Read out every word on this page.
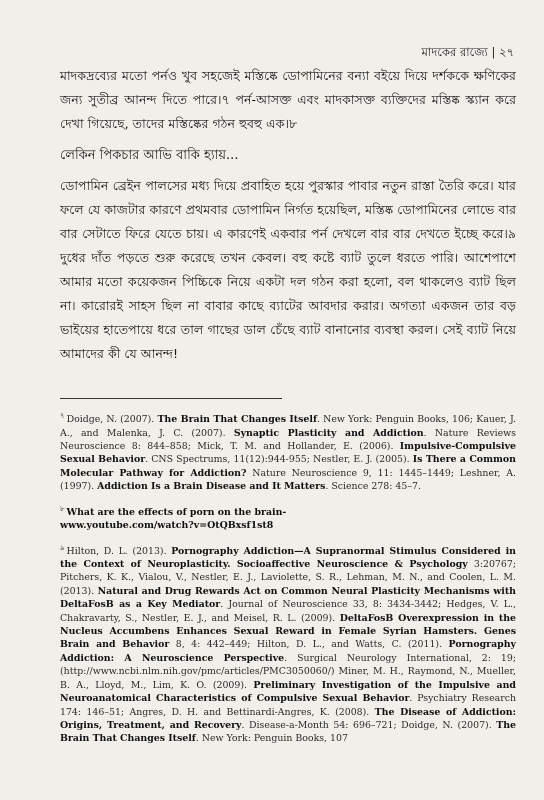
মাদকের রাজ্যে | ২৭

মাদকদ্রব্যের মতো পর্নও খুব সহজেই মস্তিষ্কে ডোপামিনের বন্যা বইয়ে দিয়ে দর্শককে ক্ষণিকের জন্য সুতীব্র আনন্দ দিতে পারে।৭ পর্ন-আসক্ত এবং মাদকাসক্ত ব্যক্তিদের মস্তিষ্ক স্ক্যান করে দেখা গিয়েছে, তাদের মস্তিষ্কের গঠন হুবহু এক।৮

লেকিন পিকচার আভি বাকি হ্যায়...

ডোপামিন ব্রেইন পালসের মধ্য দিয়ে প্রবাহিত হয়ে পুরস্কার পাবার নতুন রাস্তা তৈরি করে। যার ফলে যে কাজটার কারণে প্রথমবার ডোপামিন নির্গত হয়েছিল, মস্তিষ্ক ডোপামিনের লোভে বার বার সেটাতে ফিরে যেতে চায়। এ কারণেই একবার পর্ন দেখলে বার বার দেখতে ইচ্ছে করে।৯ দুধের দাঁত পড়তে শুরু করেছে তখন কেবল। বহু কষ্টে ব্যাট তুলে ধরতে পারি। আশেপাশে আমার মতো কয়েকজন পিচ্চিকে নিয়ে একটা দল গঠন করা হলো, বল থাকলেও ব্যাট ছিল না। কারোরই সাহস ছিল না বাবার কাছে ব্যাটের আবদার করার। অগত্যা একজন তার বড় ভাইয়ের হাতেপায়ে ধরে তাল গাছের ডাল চেঁছে ব্যাট বানানোর ব্যবস্থা করল। সেই ব্যাট নিয়ে আমাদের কী যে আনন্দ!

$^৭$ Doidge, N. (2007). The Brain That Changes Itself. New York: Penguin Books, 106; Kauer, J. A., and Malenka, J. C. (2007). Synaptic Plasticity and Addiction. Nature Reviews Neuroscience 8: 844–858; Mick, T. M. and Hollander, E. (2006). Impulsive-Compulsive Sexual Behavior. CNS Spectrums, 11(12):944-955; Nestler, E. J. (2005). Is There a Common Molecular Pathway for Addiction? Nature Neuroscience 9, 11: 1445–1449; Leshner, A. (1997). Addiction Is a Brain Disease and It Matters. Science 278: 45–7.

$^৮$ What are the effects of porn on the brain-
www.youtube.com/watch?v=OtQBxsf1st8

$^৯$ Hilton, D. L. (2013). Pornography Addiction—A Supranormal Stimulus Considered in the Context of Neuroplasticity. Socioaffective Neuroscience & Psychology 3:20767; Pitchers, K. K., Vialou, V., Nestler, E. J., Laviolette, S. R., Lehman, M. N., and Coolen, L. M. (2013). Natural and Drug Rewards Act on Common Neural Plasticity Mechanisms with DeltaFosB as a Key Mediator. Journal of Neuroscience 33, 8: 3434-3442; Hedges, V. L., Chakravarty, S., Nestler, E. J., and Meisel, R. L. (2009). DeltaFosB Overexpression in the Nucleus Accumbens Enhances Sexual Reward in Female Syrian Hamsters. Genes Brain and Behavior 8, 4: 442–449; Hilton, D. L., and Watts, C. (2011). Pornography Addiction: A Neuroscience Perspective. Surgical Neurology International, 2: 19; (http://www.ncbi.nlm.nih.gov/pmc/articles/PMC3050060/) Miner, M. H., Raymond, N., Mueller, B. A., Lloyd, M., Lim, K. O. (2009). Preliminary Investigation of the Impulsive and Neuroanatomical Characteristics of Compulsive Sexual Behavior. Psychiatry Research 174: 146–51; Angres, D. H. and Bettinardi-Angres, K. (2008). The Disease of Addiction: Origins, Treatment, and Recovery. Disease-a-Month 54: 696–721; Doidge, N. (2007). The Brain That Changes Itself. New York: Penguin Books, 107
